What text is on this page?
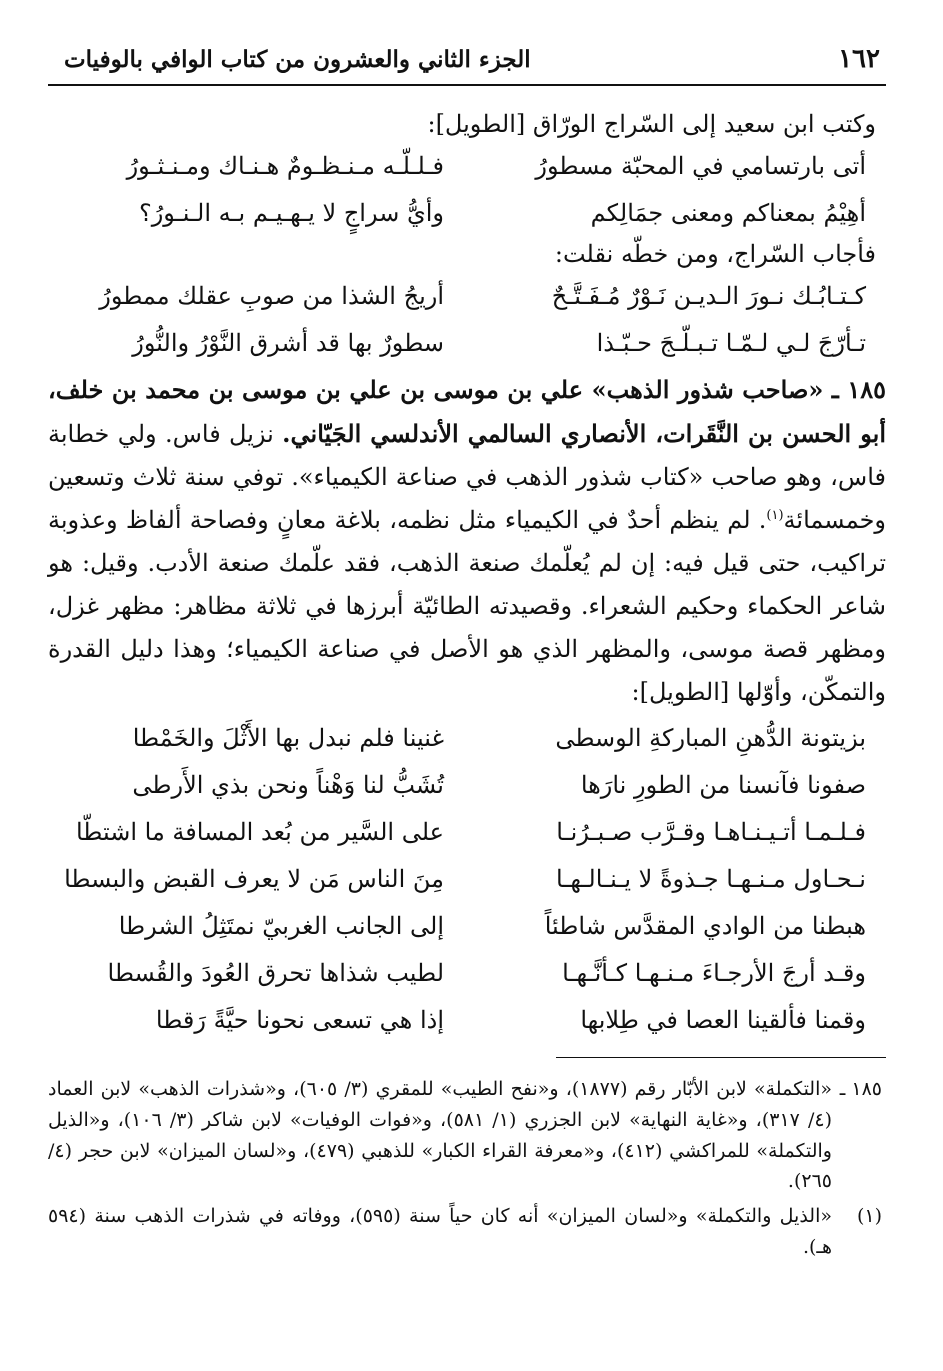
١٦٢
الجزء الثاني والعشرون من كتاب الوافي بالوفيات
وكتب ابن سعيد إلى السّراج الورّاق [الطويل]:
أتى بارتسامي في المحبّة مسطورُ
فـلـلّـه مـنـظـومٌ هـنـاك ومـنـثـورُ
أهِيْمُ بمعناكم ومعنى جمَالِكم
وأيُّ سراجٍ لا يـهـيـم بـه الـنـورُ؟
فأجاب السّراج، ومن خطّه نقلت:
كـتـابُـك نـورَ الـديـن نَـوْرٌ مُـفَـتَّـحٌ
أريجُ الشذا من صوبِ عقلك ممطورُ
تـأرّجَ لـي لـمّـا تـبـلّـجَ حـبّـذا
سطورٌ بها قد أشرق النَّوْرُ والنُّورُ

١٨٥ ـ «صاحب شذور الذهب» علي بن موسى بن علي بن موسى بن محمد بن خلف، أبو الحسن بن النَّقَرات، الأنصاري السالمي الأندلسي الجَيّاني. نزيل فاس. ولي خطابة فاس، وهو صاحب «كتاب شذور الذهب في صناعة الكيمياء». توفي سنة ثلاث وتسعين وخمسمائة$^{(١)}$. لم ينظم أحدٌ في الكيمياء مثل نظمه، بلاغة معانٍ وفصاحة ألفاظ وعذوبة تراكيب، حتى قيل فيه: إن لم يُعلّمك صنعة الذهب، فقد علّمك صنعة الأدب. وقيل: هو شاعر الحكماء وحكيم الشعراء. وقصيدته الطائيّة أبرزها في ثلاثة مظاهر: مظهر غزل، ومظهر قصة موسى، والمظهر الذي هو الأصل في صناعة الكيمياء؛ وهذا دليل القدرة والتمكّن، وأوّلها [الطويل]:

بزيتونة الدُّهنِ المباركةِ الوسطى
غنينا فلم نبدل بها الأَثْلَ والخَمْطا
صفونا فآنسنا من الطورِ نارَها
تُشَبُّ لنا وَهْناً ونحن بذي الأَرطى
فـلـمـا أتـيـنـاهـا وقـرَّب صـبـرُنـا
على السَّير من بُعد المسافة ما اشتطّا
نـحـاول مـنـهـا جـذوةً لا يـنـالـهـا
مِنَ الناس مَن لا يعرف القبض والبسطا
هبطنا من الوادي المقدَّس شاطئاً
إلى الجانب الغربيّ نمتَثِلُ الشرطا
وقـد أرجَ الأرجـاءَ مـنـهـا كـأنَّـهـا
لطيب شذاها تحرق العُودَ والقُسطا
وقمنا فألقينا العصا في طِلابها
إذا هي تسعى نحونا حيَّةً رَقطا
١٨٥ ـ
«التكملة» لابن الأبّار رقم (١٨٧٧)، و«نفح الطيب» للمقري (٣/ ٦٠٥)، و«شذرات الذهب» لابن العماد (٤/ ٣١٧)، و«غاية النهاية» لابن الجزري (١/ ٥٨١)، و«فوات الوفيات» لابن شاكر (٣/ ١٠٦)، و«الذيل والتكملة» للمراكشي (٤١٢)، و«معرفة القراء الكبار» للذهبي (٤٧٩)، و«لسان الميزان» لابن حجر (٤/ ٢٦٥).
(١)
«الذيل والتكملة» و«لسان الميزان» أنه كان حياً سنة (٥٩٥)، ووفاته في شذرات الذهب سنة (٥٩٤ هـ).
